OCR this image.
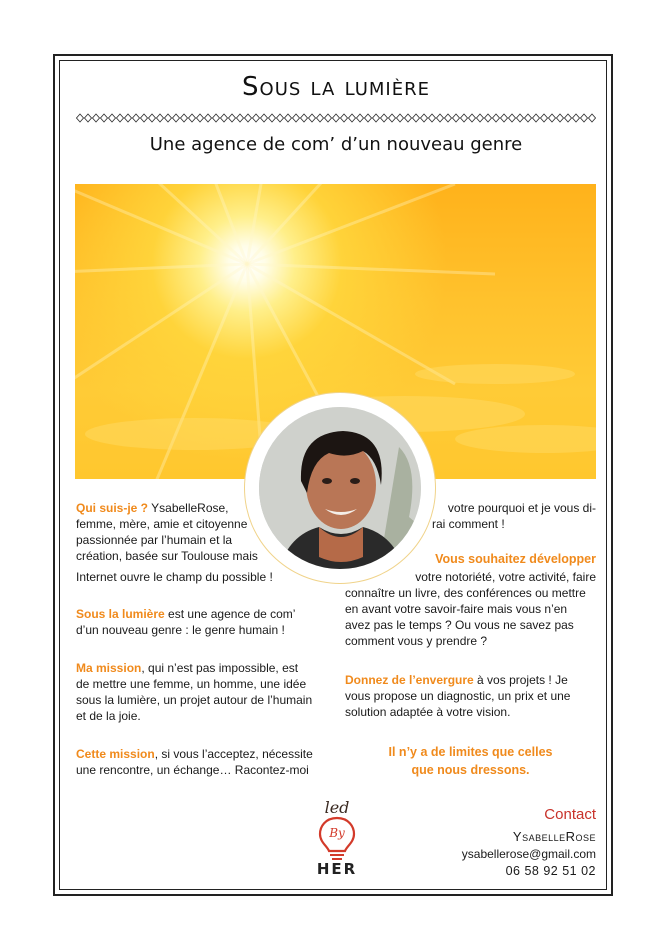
Sous la lumière
Une agence de com’ d’un nouveau genre
Qui suis-je ? YsabelleRose,
femme, mère, amie et citoyenne
passionnée par l’humain et la
création, basée sur Toulouse mais
Internet ouvre le champ du possible !
Sous la lumière est une agence de com’
d’un nouveau genre : le genre humain !
Ma mission, qui n’est pas impossible, est
de mettre une femme, un homme, une idée
sous la lumière, un projet autour de l’humain
et de la joie.
Cette mission, si vous l’acceptez, nécessite
une rencontre, un échange… Racontez-moi
votre pourquoi et je vous di-
rai comment !
Vous souhaitez développer
votre notoriété, votre activité, faire
connaître un livre, des conférences ou mettre
en avant votre savoir-faire mais vous n’en
avez pas le temps ? Ou vous ne savez pas
comment vous y prendre ?
Donnez de l’envergure à vos projets ! Je
vous propose un diagnostic, un prix et une
solution adaptée à votre vision.
Il n’y a de limites que celles
que nous dressons.
led
By
HER
Contact
YsabelleRose
ysabellerose@gmail.com
06 58 92 51 02
